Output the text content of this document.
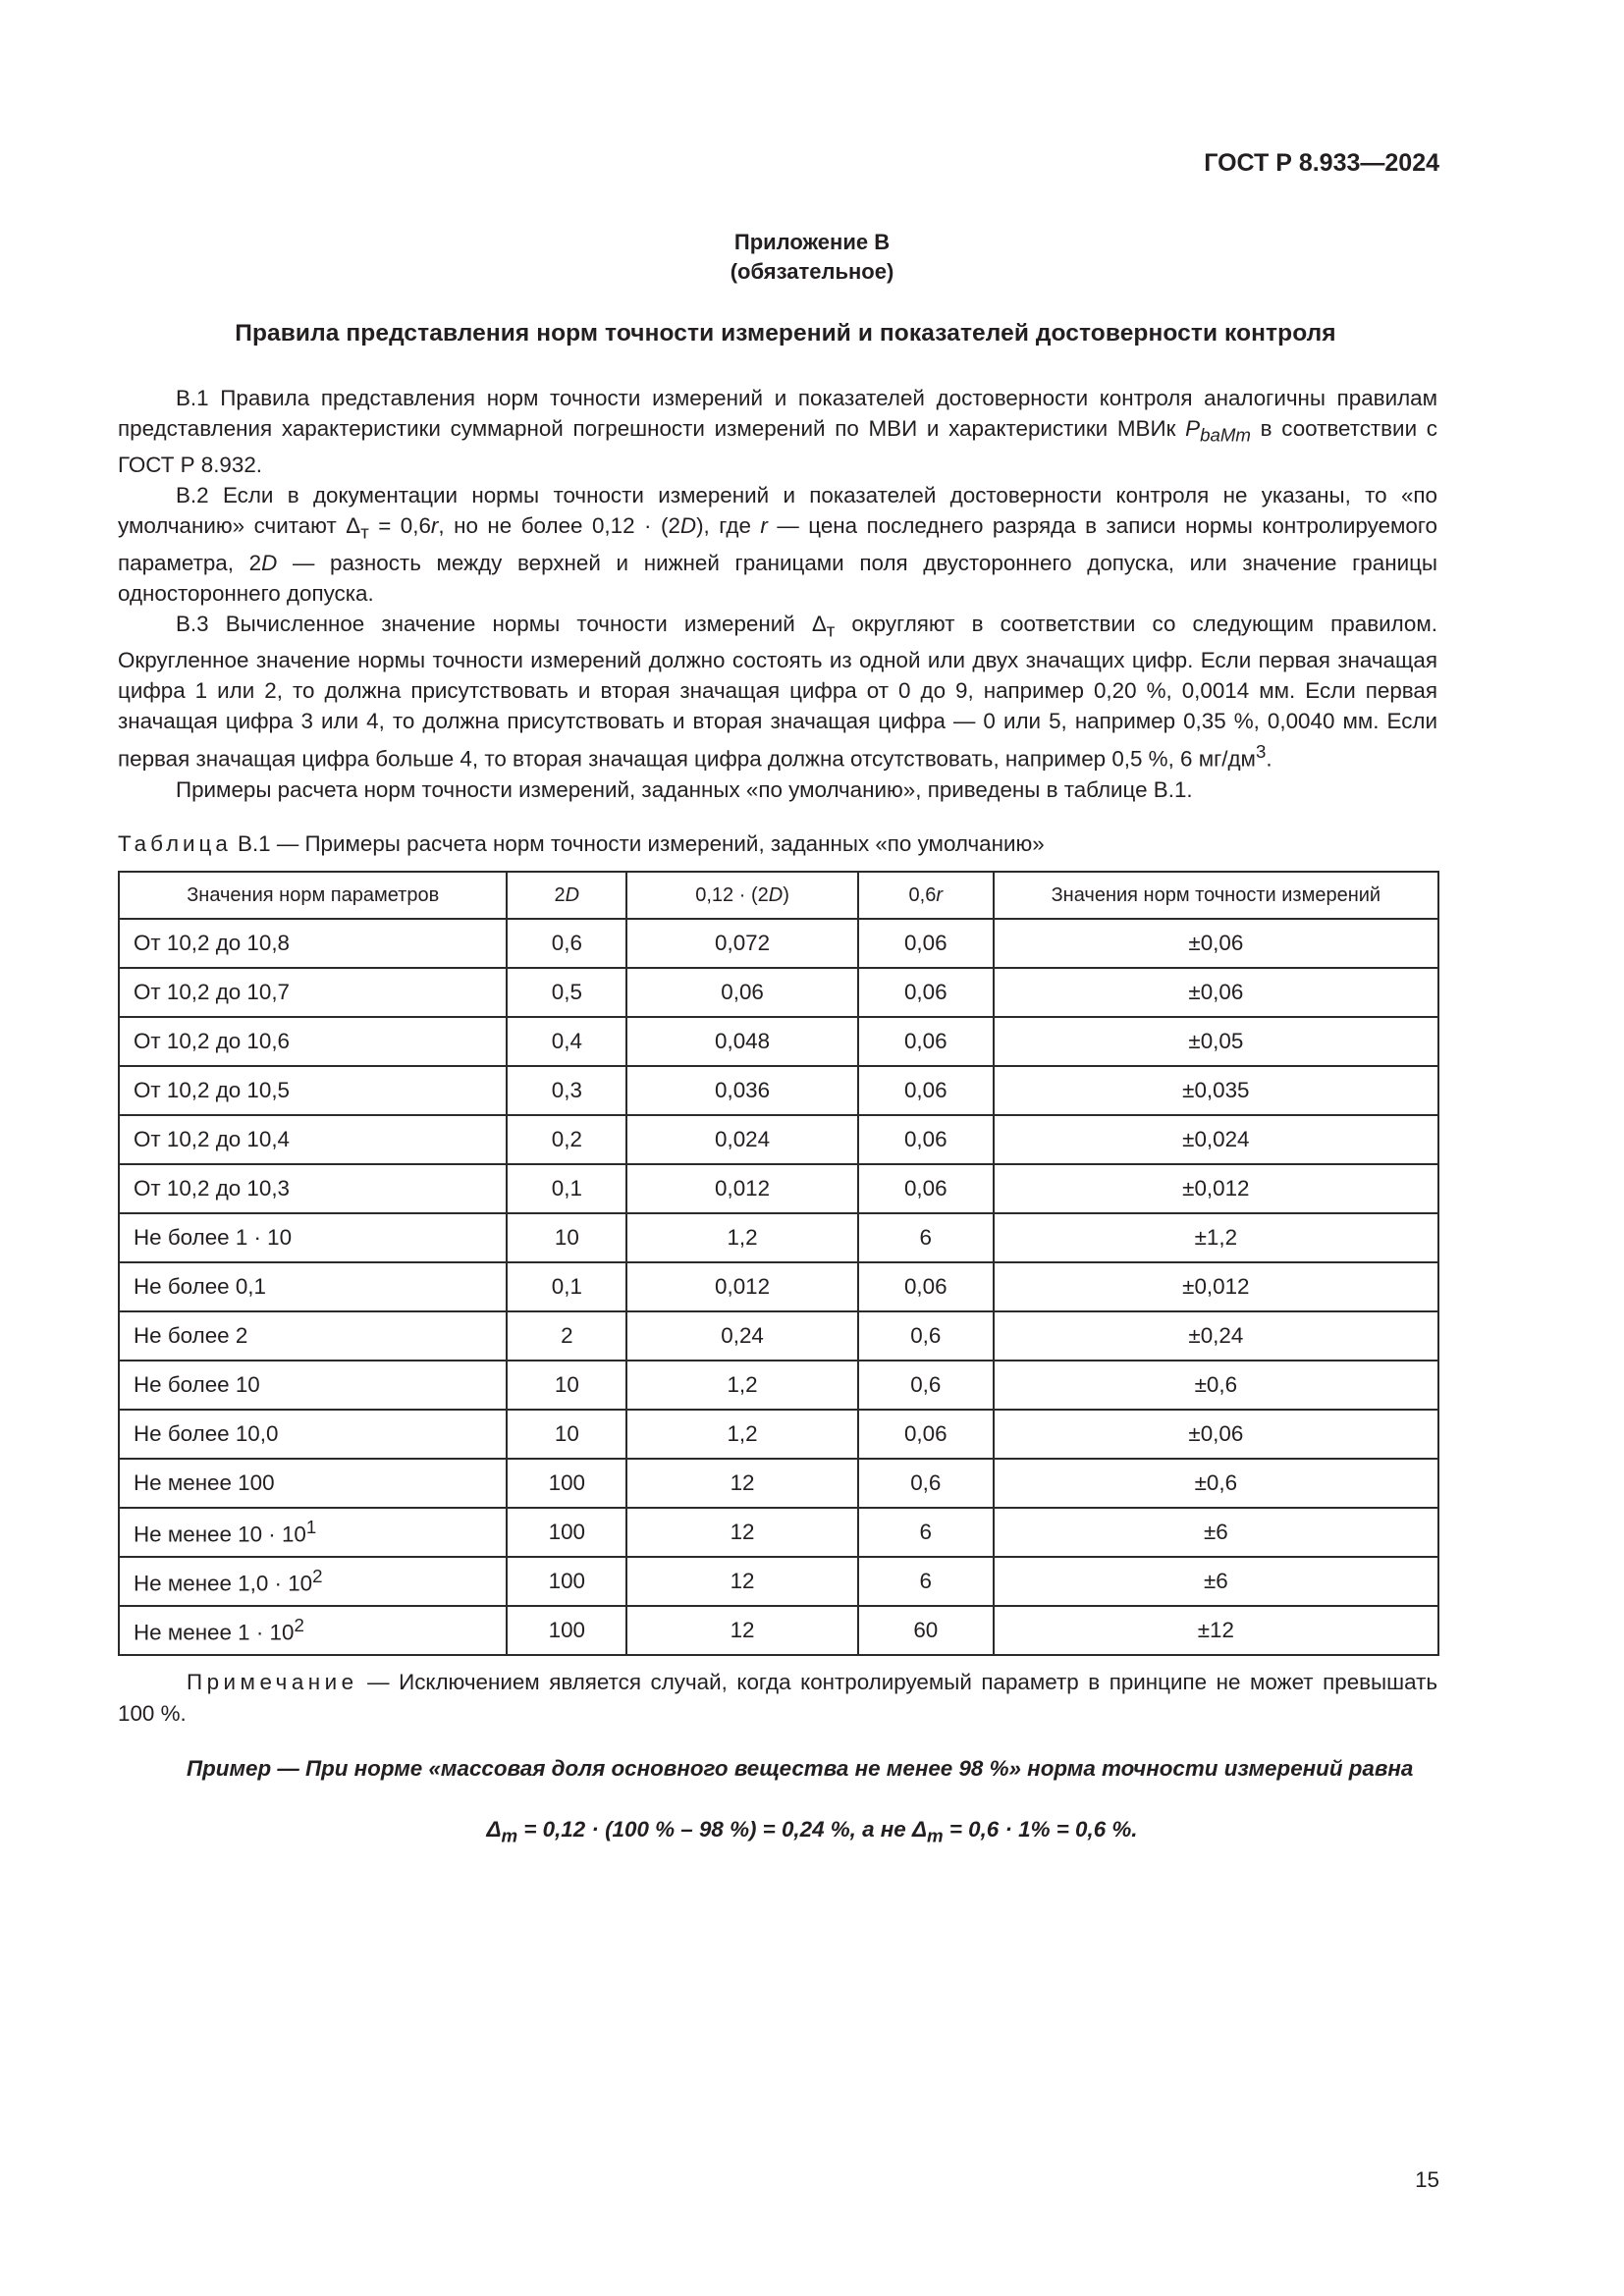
ГОСТ Р 8.933—2024
Приложение В
(обязательное)
Правила представления норм точности измерений и показателей достоверности контроля

В.1 Правила представления норм точности измерений и показателей достоверности контроля аналогичны правилам представления характеристики суммарной погрешности измерений по МВИ и характеристики МВИк $P_{baMm}$ в соответствии с ГОСТ Р 8.932.

В.2 Если в документации нормы точности измерений и показателей достоверности контроля не указаны, то «по умолчанию» считают $\Delta_т = 0,6r$, но не более 0,12 · (2D), где r — цена последнего разряда в записи нормы контролируемого параметра, 2D — разность между верхней и нижней границами поля двустороннего допуска, или значение границы одностороннего допуска.

В.3 Вычисленное значение нормы точности измерений $\Delta_т$ округляют в соответствии со следующим правилом. Округленное значение нормы точности измерений должно состоять из одной или двух значащих цифр. Если первая значащая цифра 1 или 2, то должна присутствовать и вторая значащая цифра от 0 до 9, например 0,20 %, 0,0014 мм. Если первая значащая цифра 3 или 4, то должна присутствовать и вторая значащая цифра — 0 или 5, например 0,35 %, 0,0040 мм. Если первая значащая цифра больше 4, то вторая значащая цифра должна отсутствовать, например 0,5 %, 6 $мг/дм^3$.

Примеры расчета норм точности измерений, заданных «по умолчанию», приведены в таблице В.1.

Таблица В.1 — Примеры расчета норм точности измерений, заданных «по умолчанию»
Значения норм параметров	2D	0,12 · (2D)	0,6r	Значения норм точности измерений
От 10,2 до 10,8	0,6	0,072	0,06	±0,06
От 10,2 до 10,7	0,5	0,06	0,06	±0,06
От 10,2 до 10,6	0,4	0,048	0,06	±0,05
От 10,2 до 10,5	0,3	0,036	0,06	±0,035
От 10,2 до 10,4	0,2	0,024	0,06	±0,024
От 10,2 до 10,3	0,1	0,012	0,06	±0,012
Не более 1 · 10	10	1,2	6	±1,2
Не более 0,1	0,1	0,012	0,06	±0,012
Не более 2	2	0,24	0,6	±0,24
Не более 10	10	1,2	0,6	±0,6
Не более 10,0	10	1,2	0,06	±0,06
Не менее 100	100	12	0,6	±0,6
Не менее $10 \cdot 10^1$	100	12	6	±6
Не менее $1,0 \cdot 10^2$	100	12	6	±6
Не менее $1 \cdot 10^2$	100	12	60	±12
Примечание — Исключением является случай, когда контролируемый параметр в принципе не может превышать 100 %.

Пример — При норме «массовая доля основного вещества не менее 98 %» норма точности измерений равна

$\Delta_m = 0,12 \cdot (100$ % – 98 %) = 0,24 %, а не $\Delta_m = 0,6 \cdot 1\% = 0,6$ %.
15
